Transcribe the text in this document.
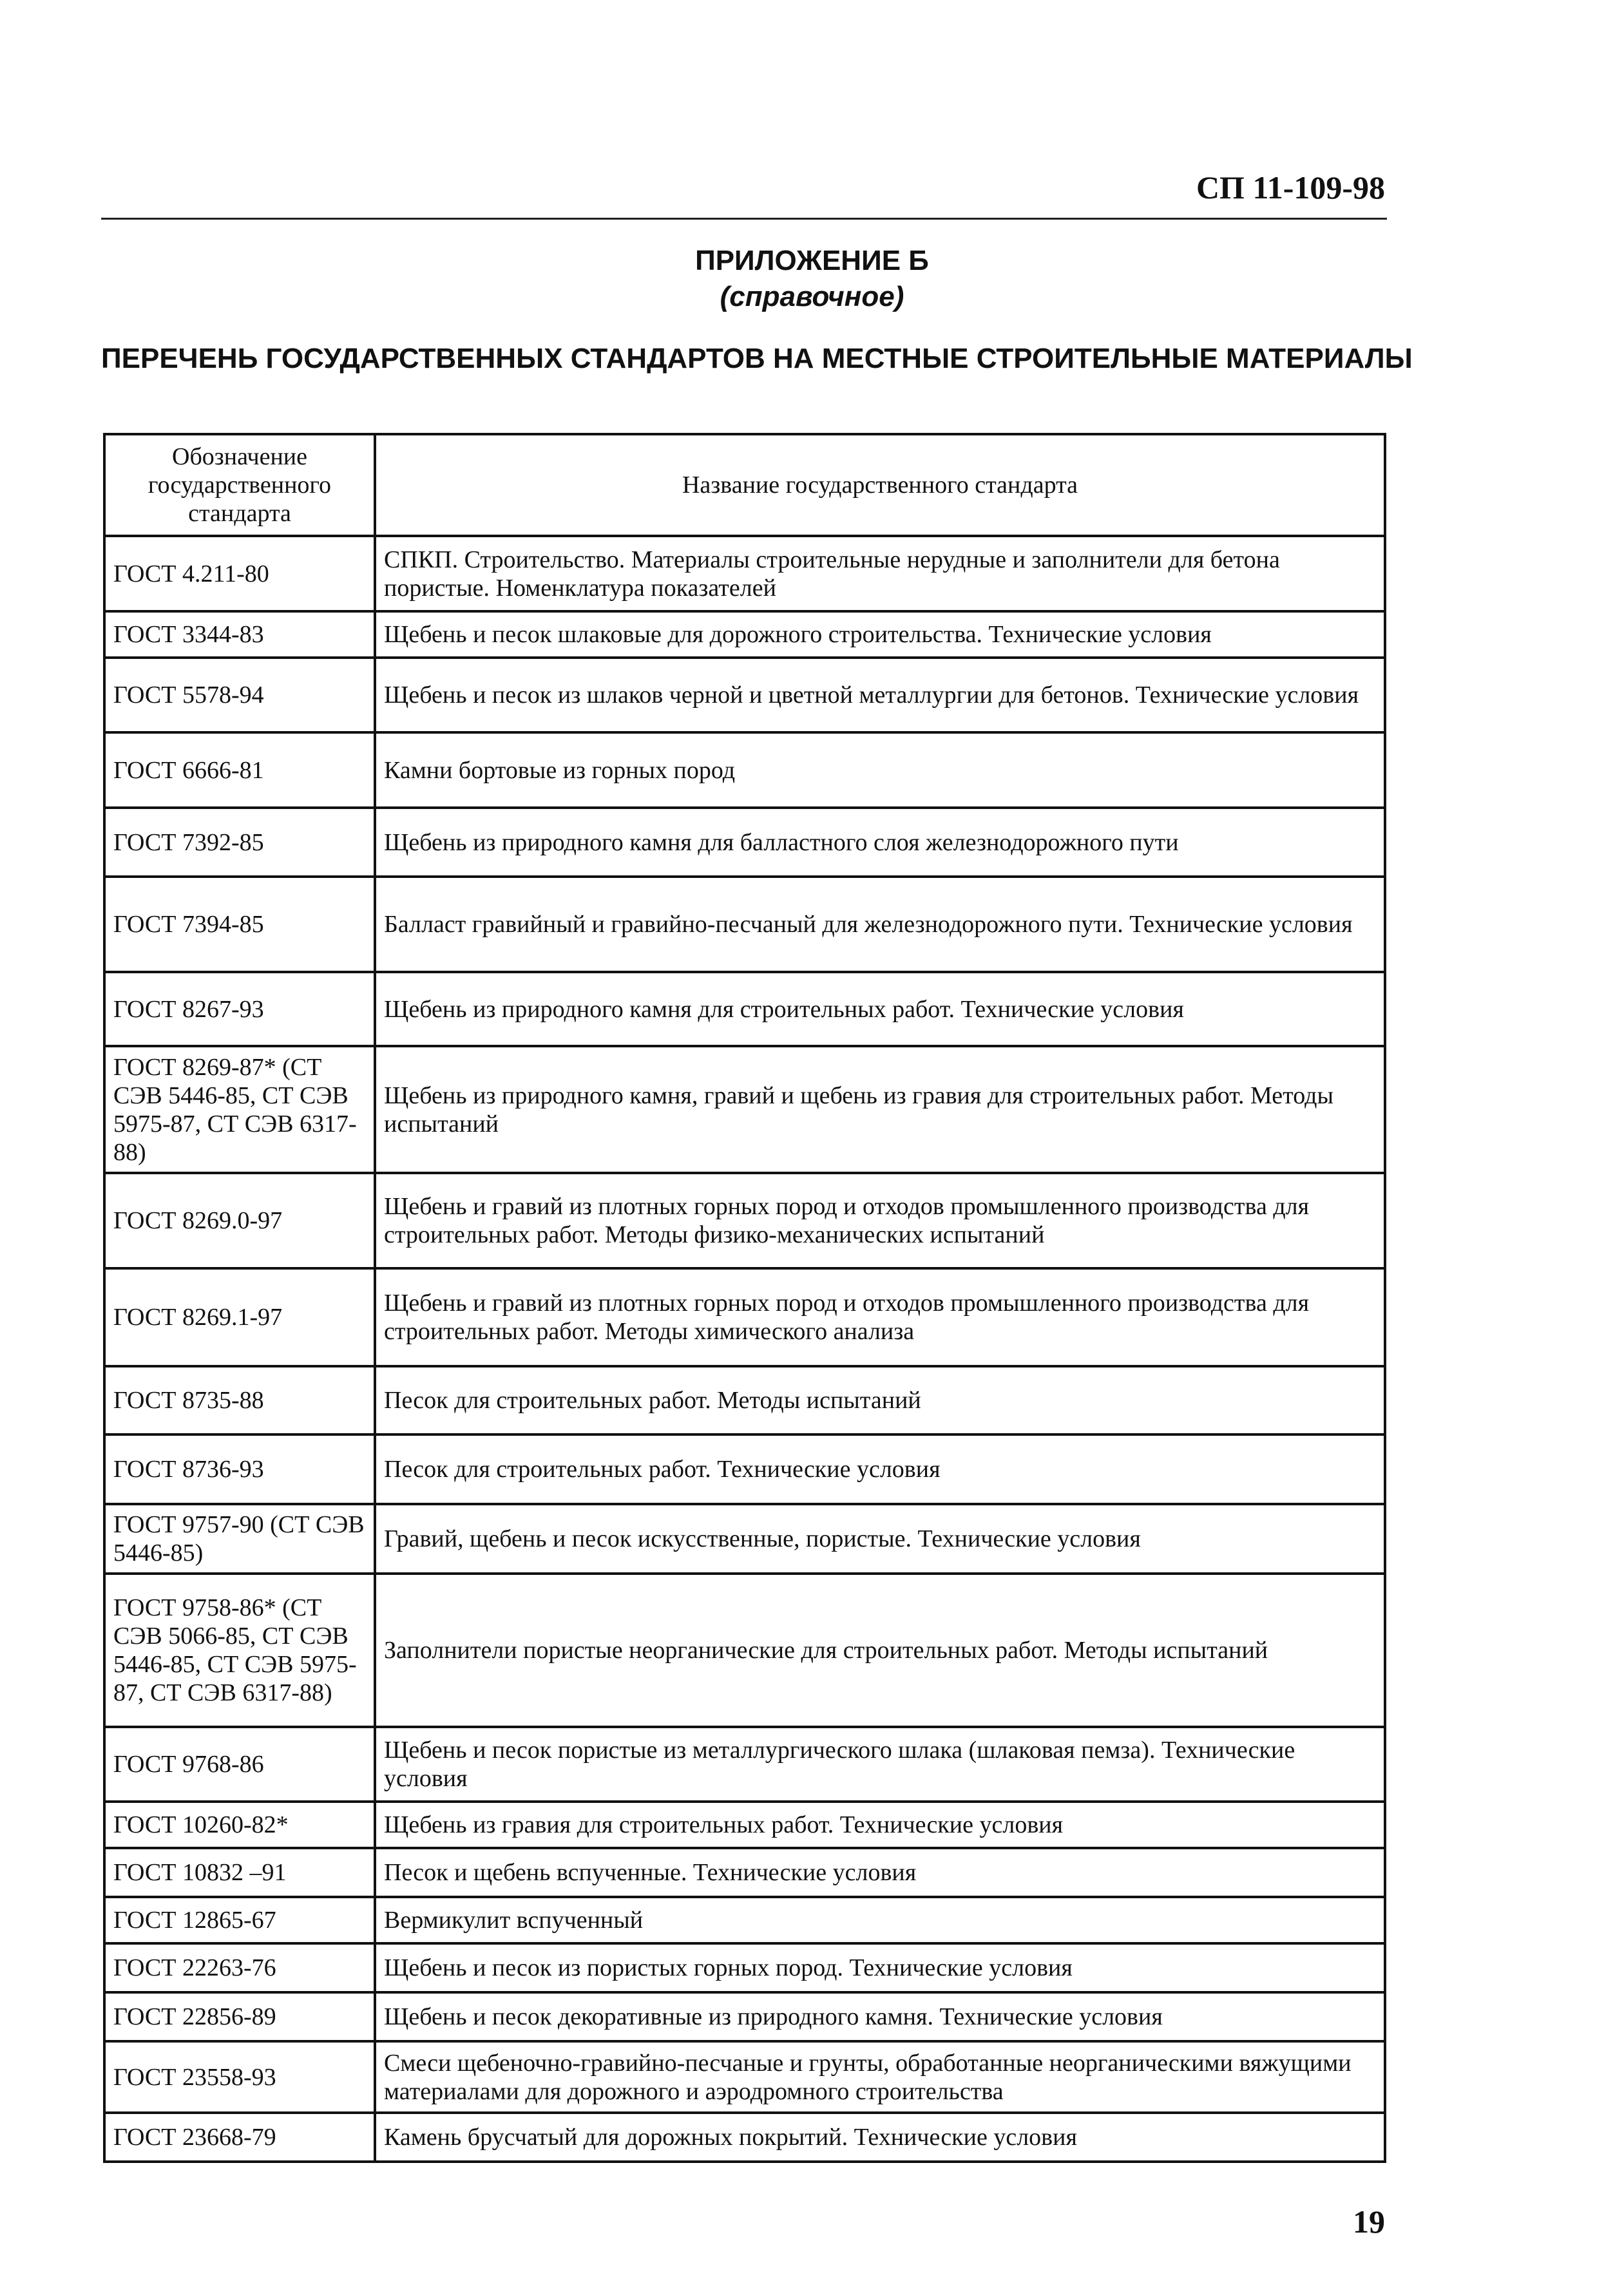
СП 11-109-98
ПРИЛОЖЕНИЕ Б
(справочное)
ПЕРЕЧЕНЬ ГОСУДАРСТВЕННЫХ СТАНДАРТОВ НА МЕСТНЫЕ СТРОИТЕЛЬНЫЕ МАТЕРИАЛЫ
Обозначение государственного стандарта	Название государственного стандарта
ГОСТ 4.211-80	СПКП. Строительство. Материалы строительные нерудные и заполнители для бетона пористые. Номенклатура показателей
ГОСТ 3344-83	Щебень и песок шлаковые для дорожного строительства. Технические условия
ГОСТ 5578-94	Щебень и песок из шлаков черной и цветной металлургии для бетонов. Технические условия
ГОСТ 6666-81	Камни бортовые из горных пород
ГОСТ 7392-85	Щебень из природного камня для балластного слоя железнодорожного пути
ГОСТ 7394-85	Балласт гравийный и гравийно-песчаный для железнодорожного пути. Технические условия
ГОСТ 8267-93	Щебень из природного камня для строительных работ. Технические условия
ГОСТ 8269-87* (СТ СЭВ 5446-85, СТ СЭВ 5975-87, СТ СЭВ 6317-88)	Щебень из природного камня, гравий и щебень из гравия для строительных работ. Методы испытаний
ГОСТ 8269.0-97	Щебень и гравий из плотных горных пород и отходов промышленного производства для строительных работ. Методы физико-механических испытаний
ГОСТ 8269.1-97	Щебень и гравий из плотных горных пород и отходов промышленного производства для строительных работ. Методы химического анализа
ГОСТ 8735-88	Песок для строительных работ. Методы испытаний
ГОСТ 8736-93	Песок для строительных работ. Технические условия
ГОСТ 9757-90 (СТ СЭВ 5446-85)	Гравий, щебень и песок искусственные, пористые. Технические условия
ГОСТ 9758-86* (СТ СЭВ 5066-85, СТ СЭВ 5446-85, СТ СЭВ 5975-87, СТ СЭВ 6317-88)	Заполнители пористые неорганические для строительных работ. Методы испытаний
ГОСТ 9768-86	Щебень и песок пористые из металлургического шлака (шлаковая пемза). Технические условия
ГОСТ 10260-82*	Щебень из гравия для строительных работ. Технические условия
ГОСТ 10832 –91	Песок и щебень вспученные. Технические условия
ГОСТ 12865-67	Вермикулит вспученный
ГОСТ 22263-76	Щебень и песок из пористых горных пород. Технические условия
ГОСТ 22856-89	Щебень и песок декоративные из природного камня. Технические условия
ГОСТ 23558-93	Смеси щебеночно-гравийно-песчаные и грунты, обработанные неорганическими вяжущими материалами для дорожного и аэродромного строительства
ГОСТ 23668-79	Камень брусчатый для дорожных покрытий. Технические условия
19
